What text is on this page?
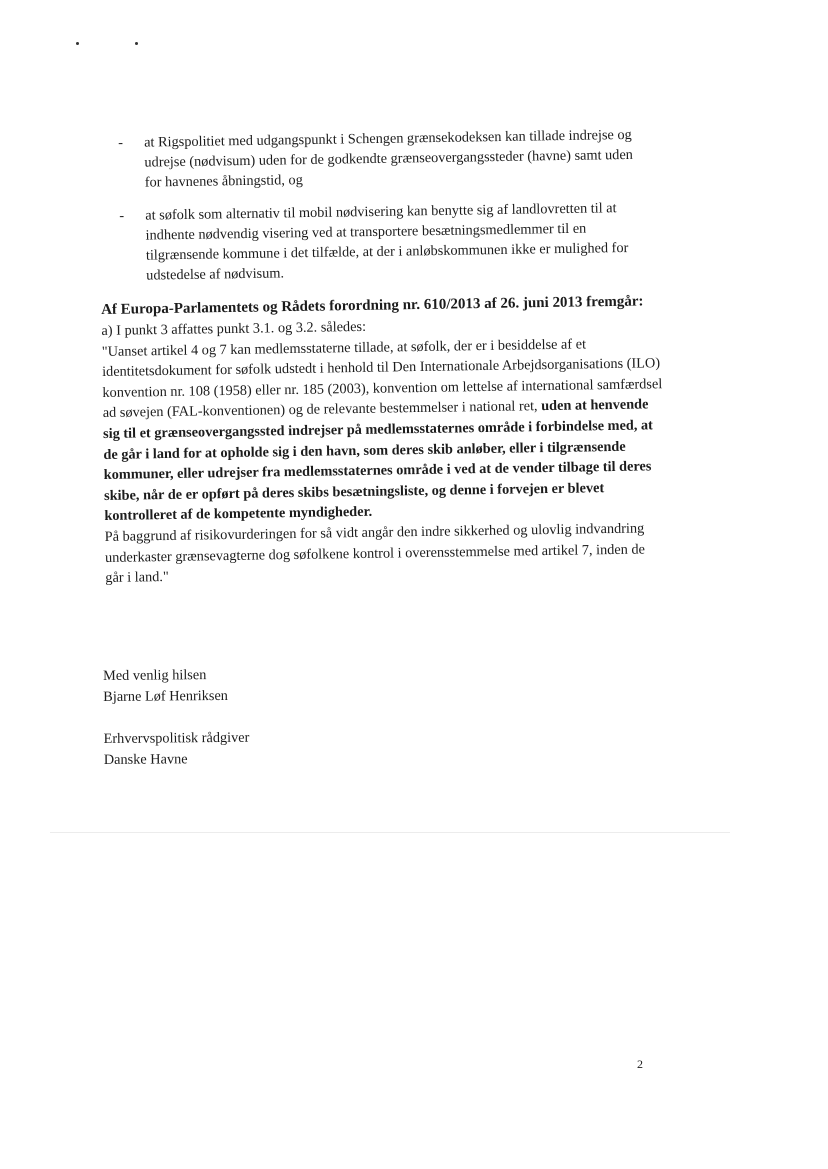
- at Rigspolitiet med udgangspunkt i Schengen grænsekodeksen kan tillade indrejse og udrejse (nødvisum) uden for de godkendte grænseovergangssteder (havne) samt uden for havnenes åbningstid, og
- at søfolk som alternativ til mobil nødvisering kan benytte sig af landlovretten til at indhente nødvendig visering ved at transportere besætningsmedlemmer til en tilgrænsende kommune i det tilfælde, at der i anløbskommunen ikke er mulighed for udstedelse af nødvisum.

Af Europa-Parlamentets og Rådets forordning nr. 610/2013 af 26. juni 2013 fremgår:

a) I punkt 3 affattes punkt 3.1. og 3.2. således:

"Uanset artikel 4 og 7 kan medlemsstaterne tillade, at søfolk, der er i besiddelse af et identitetsdokument for søfolk udstedt i henhold til Den Internationale Arbejdsorganisations (ILO) konvention nr. 108 (1958) eller nr. 185 (2003), konvention om lettelse af international samfærdsel ad søvejen (FAL-konventionen) og de relevante bestemmelser i national ret, uden at henvende sig til et grænseovergangssted indrejser på medlemsstaternes område i forbindelse med, at de går i land for at opholde sig i den havn, som deres skib anløber, eller i tilgrænsende kommuner, eller udrejser fra medlemsstaternes område i ved at de vender tilbage til deres skibe, når de er opført på deres skibs besætningsliste, og denne i forvejen er blevet kontrolleret af de kompetente myndigheder.

På baggrund af risikovurderingen for så vidt angår den indre sikkerhed og ulovlig indvandring underkaster grænsevagterne dog søfolkene kontrol i overensstemmelse med artikel 7, inden de går i land."

Med venlig hilsen

Bjarne Løf Henriksen

Erhvervspolitisk rådgiver

Danske Havne

2
